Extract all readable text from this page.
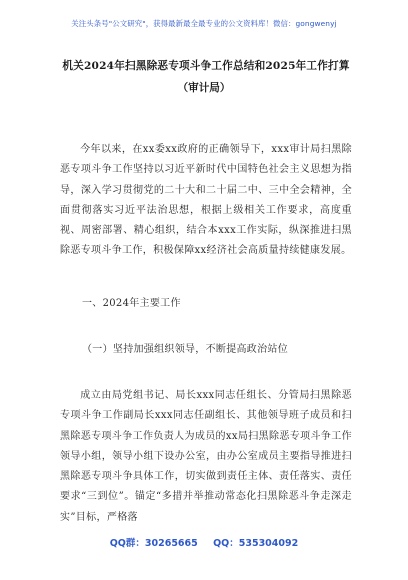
关注头条号"公文研究"，获得最新最全最专业的公文资料库！微信：gongwenyj
机关2024年扫黑除恶专项斗争工作总结和2025年工作打算
（审计局）
今年以来，在xx委xx政府的正确领导下，xxx审计局扫黑除恶专项斗争工作坚持以习近平新时代中国特色社会主义思想为指导，深入学习贯彻党的二十大和二十届二中、三中全会精神，全面贯彻落实习近平法治思想，根据上级相关工作要求，高度重视、周密部署、精心组织，结合本xxx工作实际，纵深推进扫黑除恶专项斗争工作，积极保障xx经济社会高质量持续健康发展。
一、2024年主要工作
（一）坚持加强组织领导，不断提高政治站位
成立由局党组书记、局长xxx同志任组长、分管局扫黑除恶专项斗争工作副局长xxx同志任副组长、其他领导班子成员和扫黑除恶专项斗争工作负责人为成员的xx局扫黑除恶专项斗争工作领导小组，领导小组下设办公室，由办公室成员主要指导推进扫黑除恶专项斗争具体工作，切实做到责任主体、责任落实、责任要求“三到位”。锚定“多措并举推动常态化扫黑除恶斗争走深走实”目标，严格落
QQ群：30265665 QQ：535304092
